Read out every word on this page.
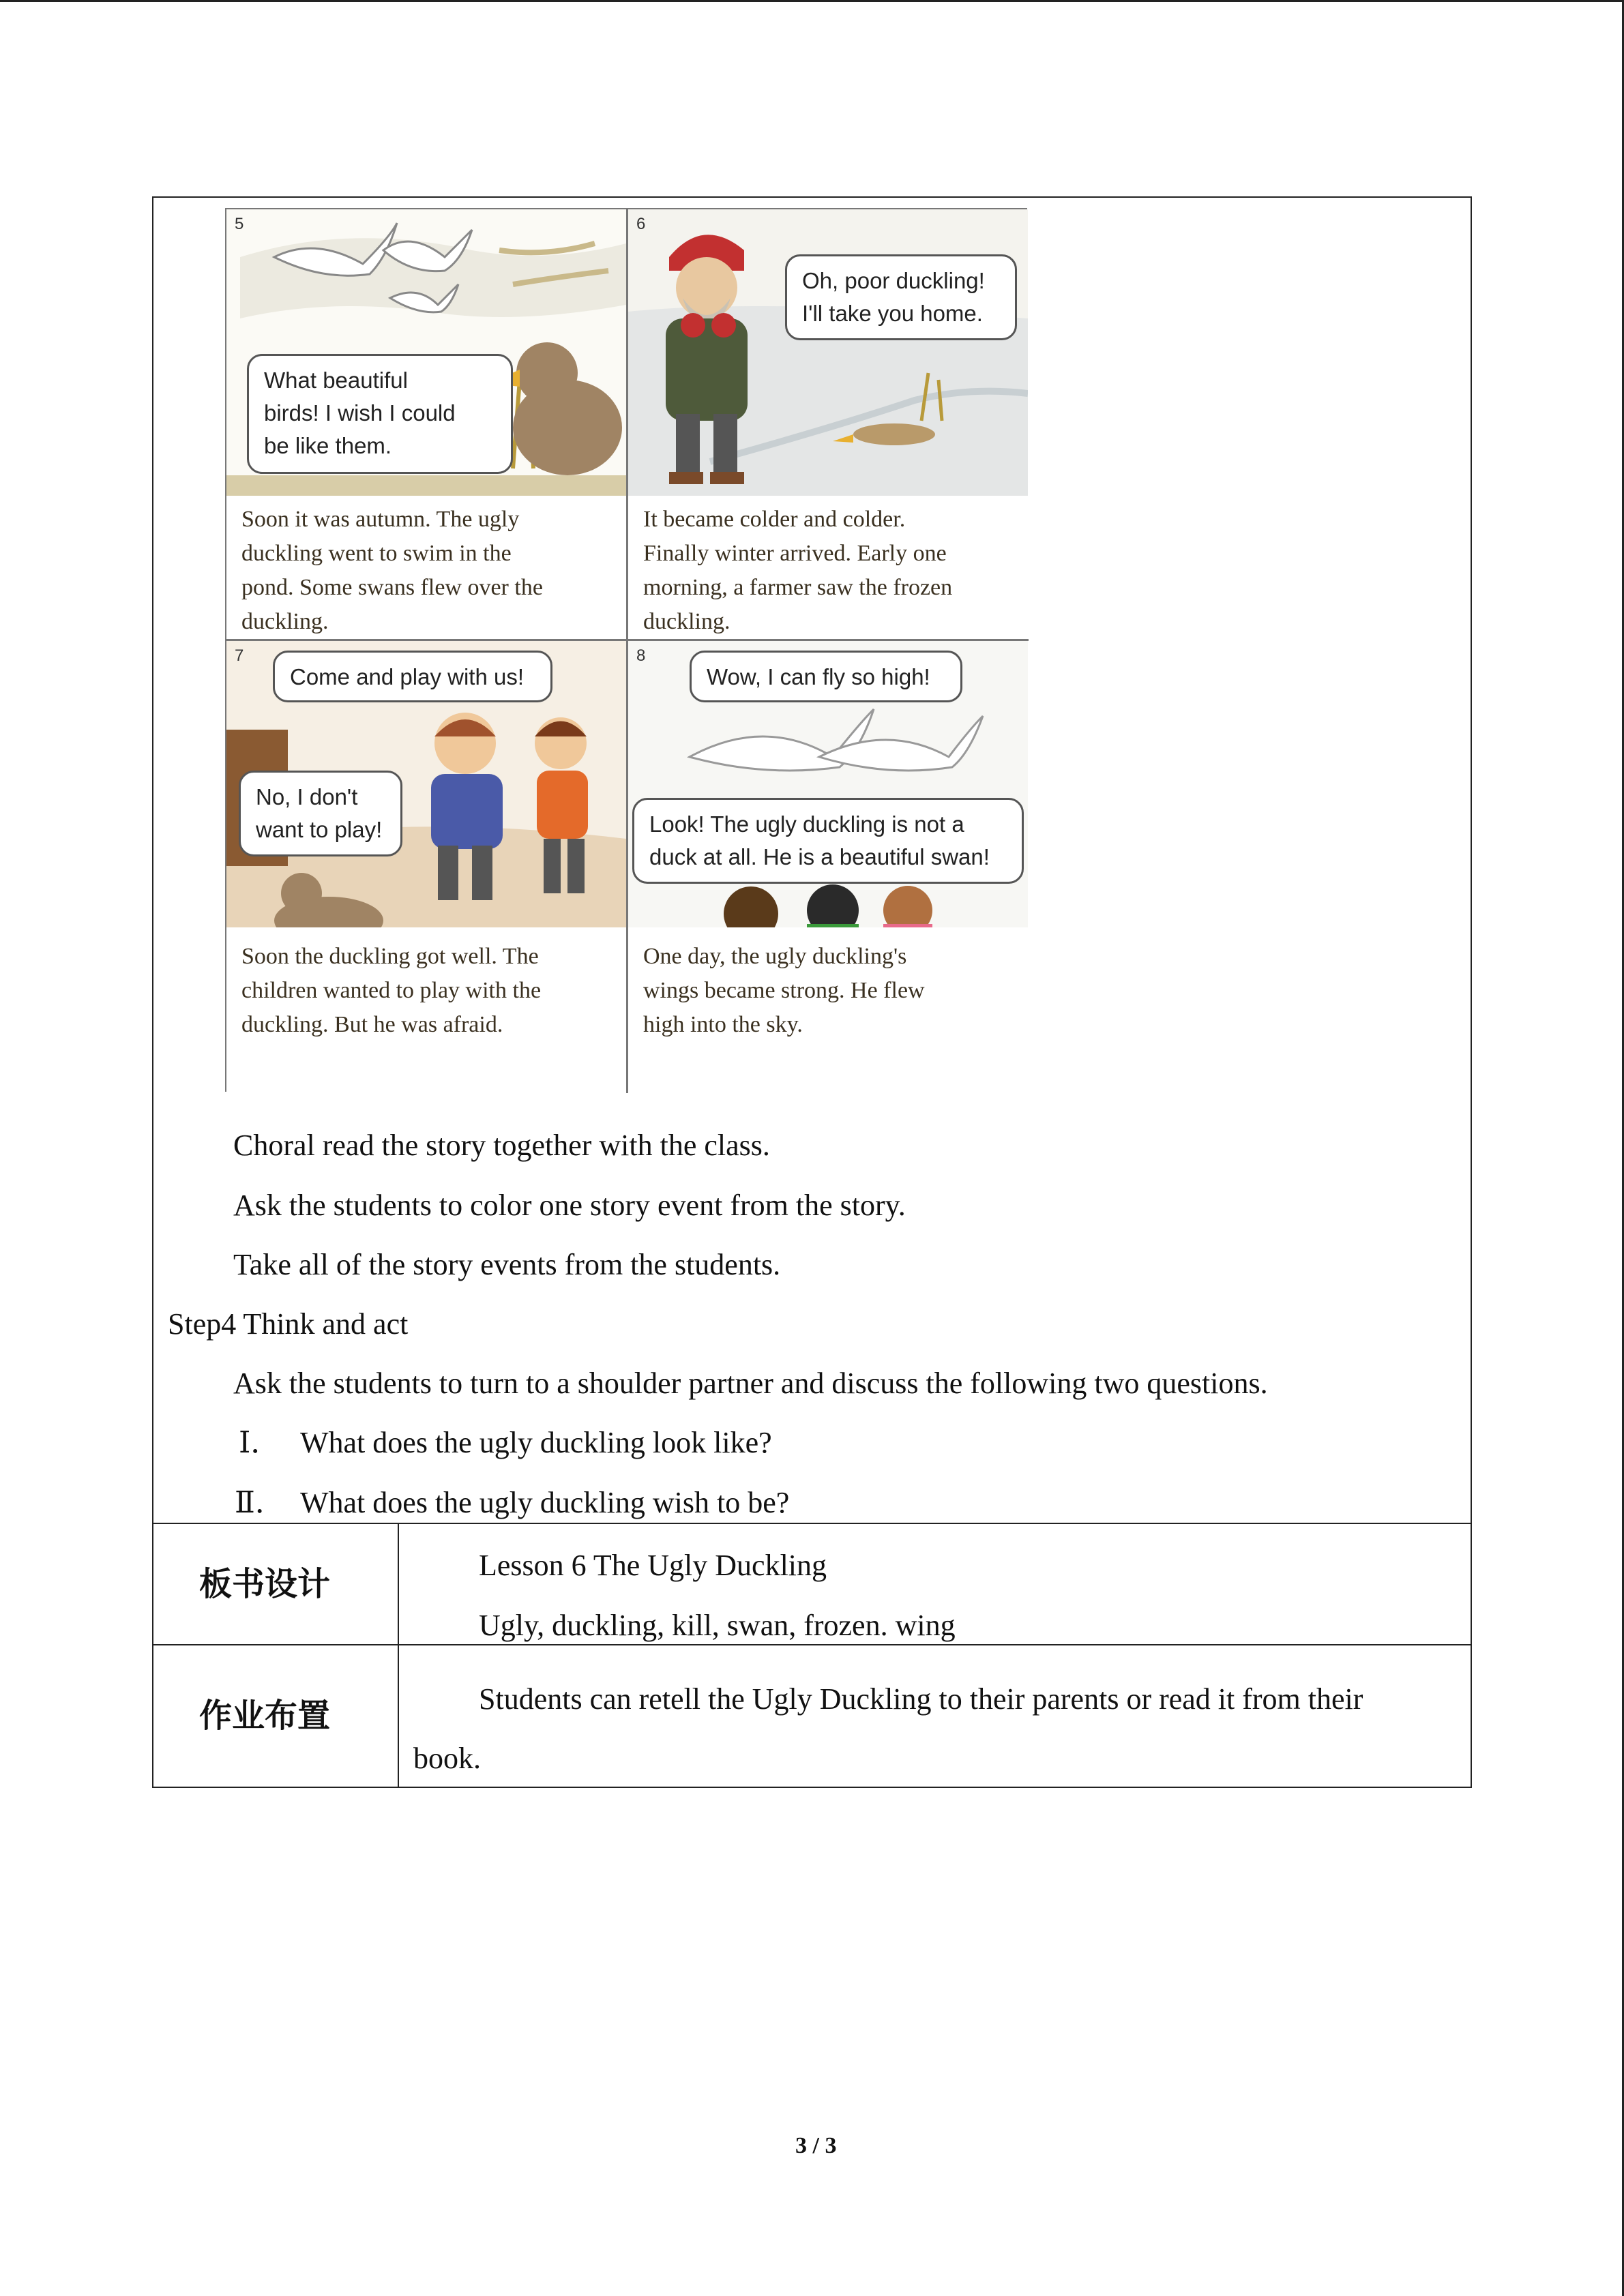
5
What beautiful
birds! I wish I could
be like them.
Soon it was autumn. The ugly
duckling went to swim in the
pond. Some swans flew over the
duckling.
6
Oh, poor duckling!
I'll take you home.
It became colder and colder.
Finally winter arrived. Early one
morning, a farmer saw the frozen
duckling.
7
Come and play with us!
No, I don't
want to play!
Soon the duckling got well. The
children wanted to play with the
duckling. But he was afraid.
8
Wow, I can fly so high!
Look! The ugly duckling is not a
duck at all. He is a beautiful swan!
One day, the ugly duckling's
wings became strong. He flew
high into the sky.
Choral read the story together with the class.
Ask the students to color one story event from the story.
Take all of the story events from the students.
Step4 Think and act
Ask the students to turn to a shoulder partner and discuss the following two questions.
Ⅰ． What does the ugly duckling look like?
Ⅱ． What does the ugly duckling wish to be?
板书设计	Lesson 6 The Ugly Duckling
Ugly, duckling, kill, swan, frozen. wing
作业布置	Students can retell the Ugly Duckling to their parents or read it from their
book.
3 / 3
